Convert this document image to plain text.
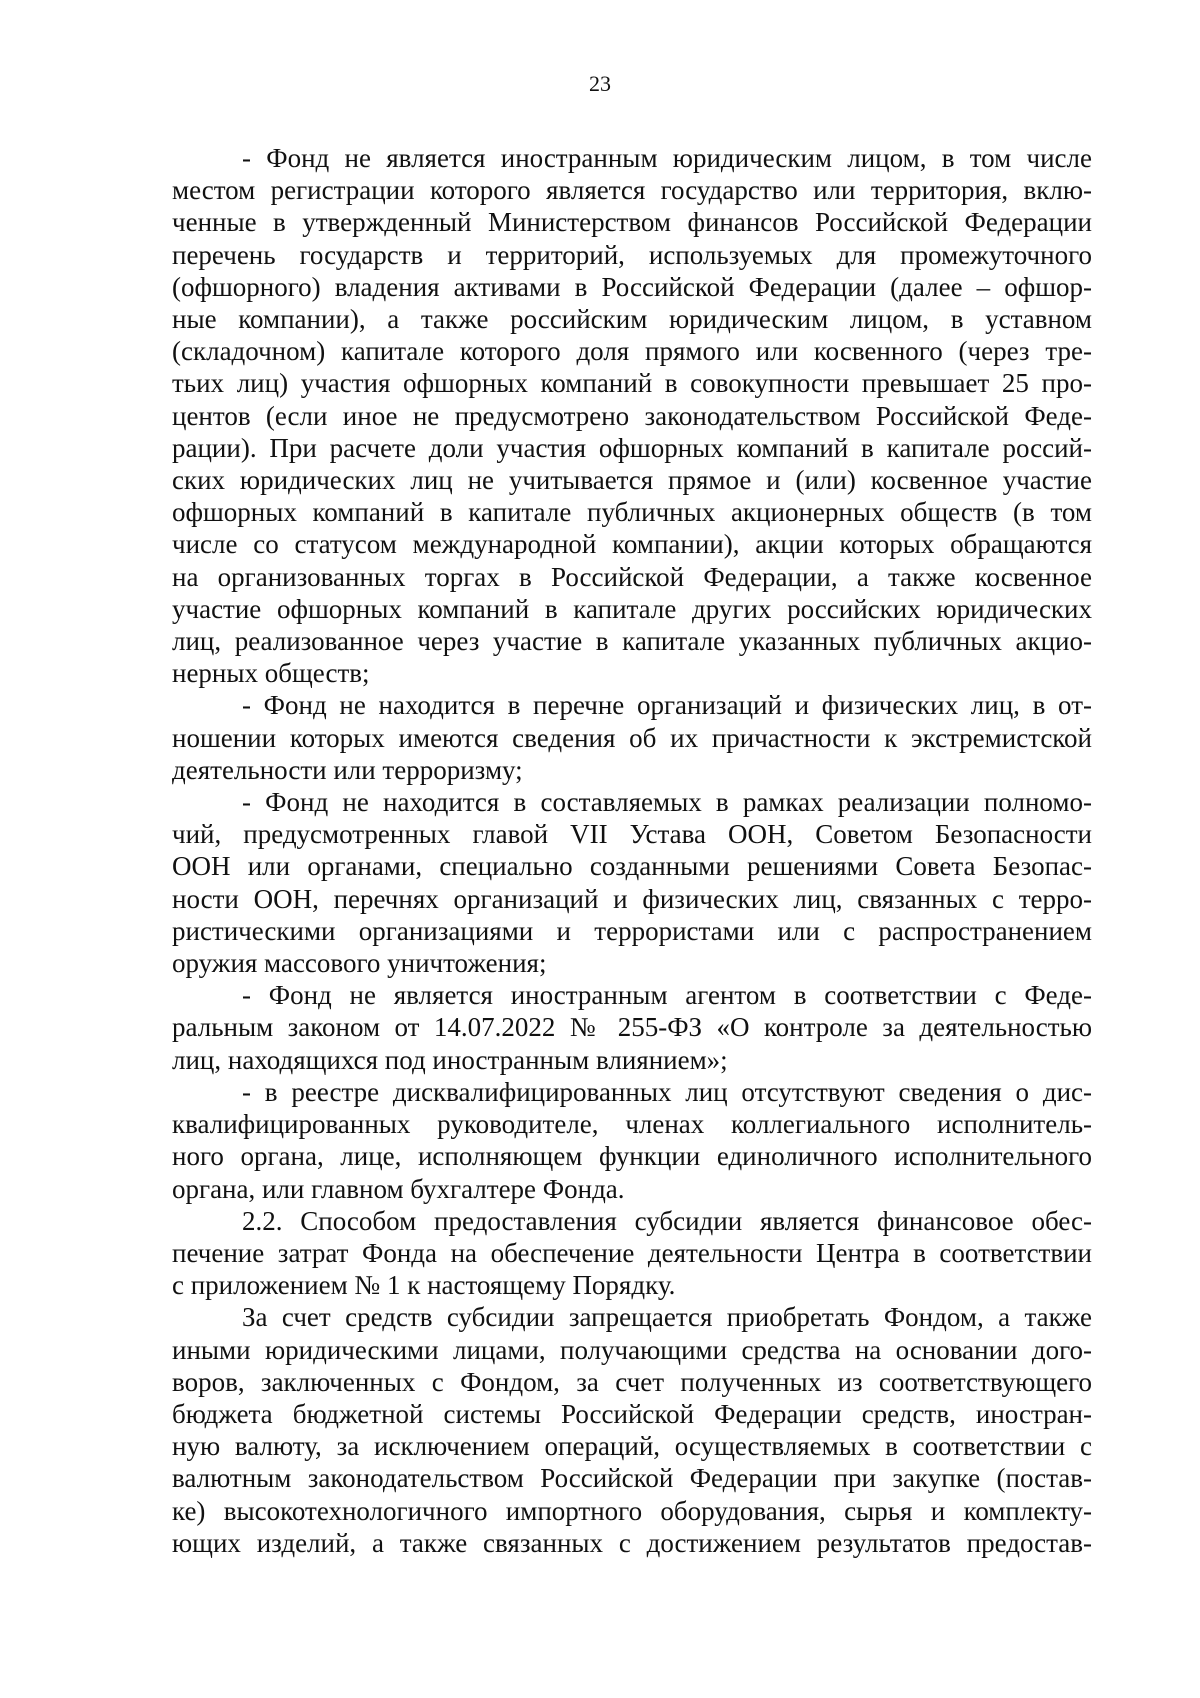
23
- Фонд не является иностранным юридическим лицом, в том числе
местом регистрации которого является государство или территория, вклю-
ченные в утвержденный Министерством финансов Российской Федерации
перечень государств и территорий, используемых для промежуточного
(офшорного) владения активами в Российской Федерации (далее – офшор-
ные компании), а также российским юридическим лицом, в уставном
(складочном) капитале которого доля прямого или косвенного (через тре-
тьих лиц) участия офшорных компаний в совокупности превышает 25 про-
центов (если иное не предусмотрено законодательством Российской Феде-
рации). При расчете доли участия офшорных компаний в капитале россий-
ских юридических лиц не учитывается прямое и (или) косвенное участие
офшорных компаний в капитале публичных акционерных обществ (в том
числе со статусом международной компании), акции которых обращаются
на организованных торгах в Российской Федерации, а также косвенное
участие офшорных компаний в капитале других российских юридических
лиц, реализованное через участие в капитале указанных публичных акцио-
нерных обществ;
- Фонд не находится в перечне организаций и физических лиц, в от-
ношении которых имеются сведения об их причастности к экстремистской
деятельности или терроризму;
- Фонд не находится в составляемых в рамках реализации полномо-
чий, предусмотренных главой VII Устава ООН, Советом Безопасности
ООН или органами, специально созданными решениями Совета Безопас-
ности ООН, перечнях организаций и физических лиц, связанных с терро-
ристическими организациями и террористами или с распространением
оружия массового уничтожения;
- Фонд не является иностранным агентом в соответствии с Феде-
ральным законом от 14.07.2022 № 255-ФЗ «О контроле за деятельностью
лиц, находящихся под иностранным влиянием»;
- в реестре дисквалифицированных лиц отсутствуют сведения о дис-
квалифицированных руководителе, членах коллегиального исполнитель-
ного органа, лице, исполняющем функции единоличного исполнительного
органа, или главном бухгалтере Фонда.
2.2. Способом предоставления субсидии является финансовое обес-
печение затрат Фонда на обеспечение деятельности Центра в соответствии
с приложением № 1 к настоящему Порядку.
За счет средств субсидии запрещается приобретать Фондом, а также
иными юридическими лицами, получающими средства на основании дого-
воров, заключенных с Фондом, за счет полученных из соответствующего
бюджета бюджетной системы Российской Федерации средств, иностран-
ную валюту, за исключением операций, осуществляемых в соответствии с
валютным законодательством Российской Федерации при закупке (постав-
ке) высокотехнологичного импортного оборудования, сырья и комплекту-
ющих изделий, а также связанных с достижением результатов предостав-
